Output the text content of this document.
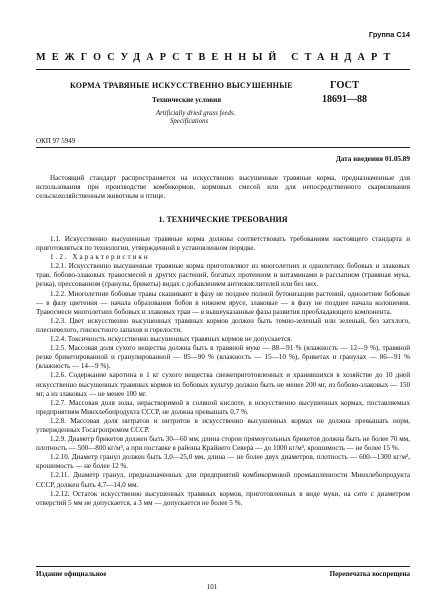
Группа С14
МЕЖГОСУДАРСТВЕННЫЙ СТАНДАРТ
КОРМА ТРАВЯНЫЕ ИСКУССТВЕННО ВЫСУШЕННЫЕ
Технические условия
Artificially dried grass feeds.
Specifications
ГОСТ
18691—88
ОКП 97 5949
Дата введения 01.05.89

Настоящий стандарт распространяется на искусственно высушенные травяные корма, предназначенные для использования при производстве комбикормов, кормовых смесей или для непосредственного скармливания сельскохозяйственным животным и птице.

1. ТЕХНИЧЕСКИЕ ТРЕБОВАНИЯ

1.1. Искусственно высушенные травяные корма должны соответствовать требованиям настоящего стандарта и приготовляться по технологии, утвержденной в установленном порядке.

1.2. Характеристики

1.2.1. Искусственно высушенные травяные корма приготовляют из многолетних и однолетних бобовых и злаковых трав, бобово-злаковых травосмесей и других растений, богатых протеином и витаминами в рассыпном (травяная мука, резка), прессованном (гранулы, брикеты) видах с добавлением антиокислителей или без них.

1.2.2. Многолетние бобовые травы скашивают в фазу не позднее полной бутонизации растений, однолетние бобовые — в фазу цветения — начала образования бобов в нижнем ярусе, злаковые — в фазу не позднее начала колошения. Травосмеси многолетних бобовых и злаковых трав — в вышеуказанные фазы развития преобладающего компонента.

1.2.3. Цвет искусственно высушенных травяных кормов должен быть темно-зеленый или зеленый, без затхлого, плесневелого, гнилостного запахов и горелости.

1.2.4. Токсичность искусственно высушенных травяных кормов не допускается.

1.2.5. Массовая доля сухого вещества должна быть в травяной муке — 88—91 % (влажность — 12—9 %), травяной резке брикетированной и гранулированной — 85—90 % (влажность — 15—10 %), брикетах и гранулах — 86—91 % (влажность — 14—9 %).

1.2.6. Содержание каротина в 1 кг сухого вещества свежеприготовленных и хранившихся в хозяйстве до 10 дней искусственно высушенных травяных кормов из бобовых культур должно быть не менее 200 мг, из бобово-злаковых — 150 мг, а из злаковых — не менее 100 мг.

1.2.7. Массовая доля золы, нерастворимой в соляной кислоте, в искусственно высушенных кормах, поставляемых предприятиям Минхлебопродукта СССР, не должна превышать 0,7 %.

1.2.8. Массовая доля нитратов и нитритов в искусственно высушенных кормах не должна превышать норм, утвержденных Госагропромом СССР.

1.2.9. Диаметр брикетов должен быть 30—60 мм, длина сторон прямоугольных брикетов должна быть не более 70 мм, плотность — 500—800 кг/м³, а при поставке в районы Крайнего Севера — до 1000 кг/м³, крошимость — не более 15 %.

1.2.10. Диаметр гранул должен быть 3,0—25,0 мм, длина — не более двух диаметров, плотность — 600—1300 кг/м³, крошимость — не более 12 %.

1.2.11. Диаметр гранул, предназначенных для предприятий комбикормовой промышленности Минхлебопродукта СССР, должен быть 4,7—14,0 мм.

1.2.12. Остаток искусственно высушенных травяных кормов, приготовленных в виде муки, на сите с диаметром отверстий 5 мм не допускается, а 3 мм — допускается не более 5 %.

Издание официальное	Перепечатка воспрещена
101
